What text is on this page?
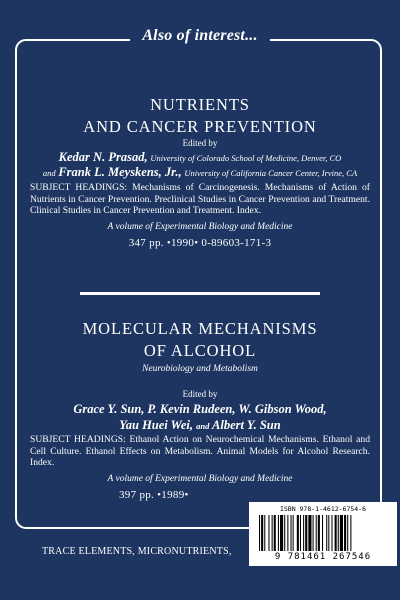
Also of interest...
NUTRIENTS
AND CANCER PREVENTION
Edited by
Kedar N. Prasad, University of Colorado School of Medicine, Denver, CO
and Frank L. Meyskens, Jr., University of California Cancer Center, Irvine, CA
SUBJECT HEADINGS: Mechanisms of Carcinogenesis. Mechanisms of Action of Nutrients in Cancer Prevention. Preclinical Studies in Cancer Prevention and Treatment. Clinical Studies in Cancer Prevention and Treatment. Index.
A volume of Experimental Biology and Medicine
347 pp. •1990• 0-89603-171-3
MOLECULAR MECHANISMS
OF ALCOHOL
Neurobiology and Metabolism
Edited by
Grace Y. Sun, P. Kevin Rudeen, W. Gibson Wood,
Yau Huei Wei, and Albert Y. Sun
SUBJECT HEADINGS: Ethanol Action on Neurochemical Mechanisms. Ethanol and Cell Culture. Ethanol Effects on Metabolism. Animal Models for Alcohol Research. Index.
A volume of Experimental Biology and Medicine
397 pp. •1989•
ISBN 978-1-4612-6754-6
9 781461 267546
TRACE ELEMENTS, MICRONUTRIENTS,
